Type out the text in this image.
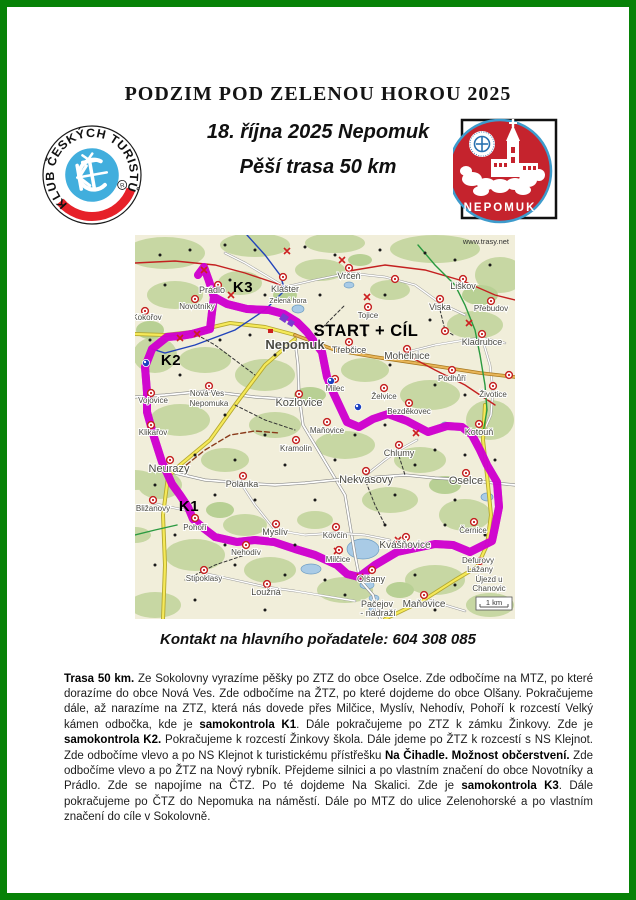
PODZIM POD ZELENOU HOROU 2025
18. října 2025 Nepomuk
Pěší trasa 50 km
KLUB ČESKÝCH TURISTŮ
R
NEPOMUK
Kokořov
Novotníky
Prádlo	Klášter
Zelená hora
Vrčeň
Liškov
Viska	Přebudov
Tojice
Nepomuk Třebčice
Mohelnice
Kladrubce
Podhůří
Životice
Milec
Želvice
Bezděkovec
Nová Ves
Nepomuka
Vojovice	Kozlovice
Klikařov	Maňovice
Kramolín	Chlumy
Kotouň
Nekvasovy	Oselce
Neurazy
Polánka
Bližanovy
Pohoří	Myslív
Nehodív
Kovčín
Milčice
Kvášňovice
Olšany
Stipoklasy
Loužná
Pačejov
- nádraží
Maňovice
Černice
Defurovy
Lažany
Újezd u
Chanovic
K3
K2
K1
START + CÍL
www.trasy.net
1 km
Kontakt na hlavního pořadatele: 604 308 085

Trasa 50 km. Ze Sokolovny vyrazíme pěšky po ZTZ do obce Oselce. Zde odbočíme na MTZ, po které dorazíme do obce Nová Ves. Zde odbočíme na ŽTZ, po které dojdeme do obce Olšany. Pokračujeme dále, až narazíme na ZTZ, která nás dovede přes Milčice, Myslív, Nehodív, Pohoří k rozcestí Velký kámen odbočka, kde je samokontrola K1. Dále pokračujeme po ZTZ k zámku Žinkovy. Zde je samokontrola K2. Pokračujeme k rozcestí Žinkovy škola. Dále jdeme po ŽTZ k rozcestí s NS Klejnot. Zde odbočíme vlevo a po NS Klejnot k turistickému přístřešku Na Čihadle. Možnost občerstvení. Zde odbočíme vlevo a po ŽTZ na Nový rybník. Přejdeme silnici a po vlastním značení do obce Novotníky a Prádlo. Zde se napojíme na ČTZ. Po té dojdeme Na Skalici. Zde je samokontrola K3. Dále pokračujeme po ČTZ do Nepomuka na náměstí. Dále po MTZ do ulice Zelenohorské a po vlastním značení do cíle v Sokolovně.
